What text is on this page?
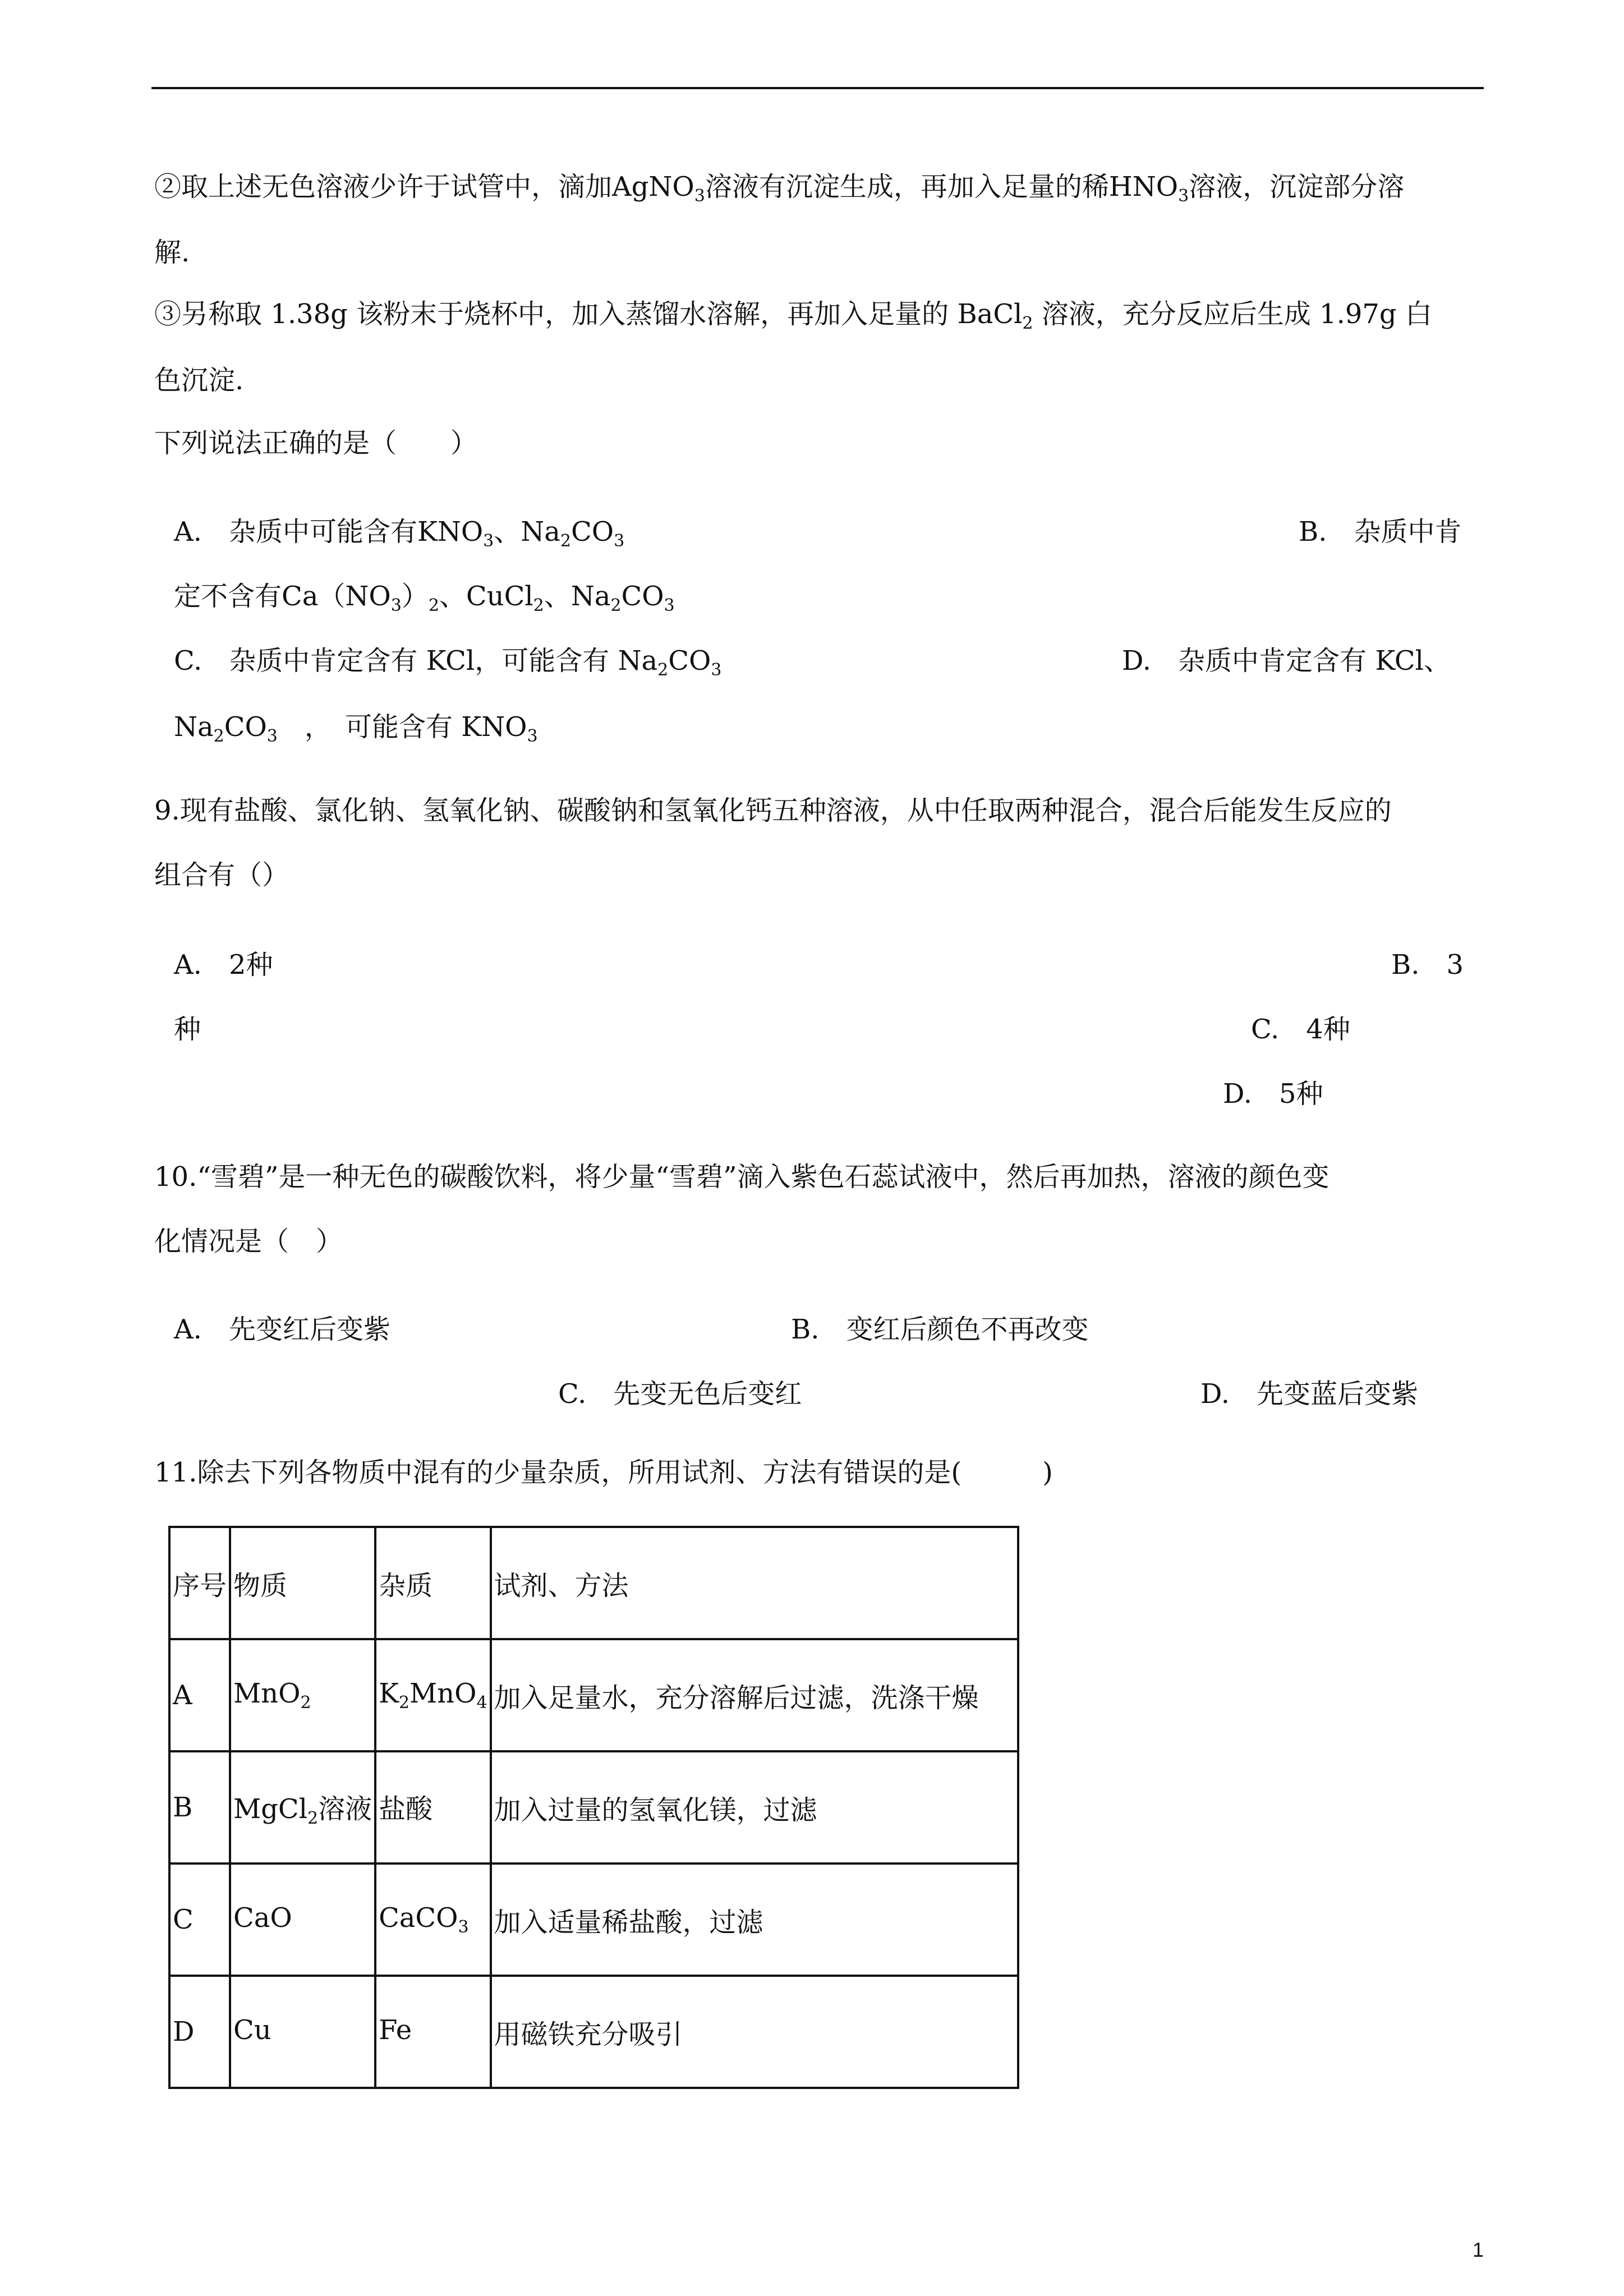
②取上述无色溶液少许于试管中，滴加AgNO$_3$溶液有沉淀生成，再加入足量的稀$HNO_3$溶液，沉淀部分溶
解.
③另称取 1.38g 该粉末于烧杯中，加入蒸馏水溶解，再加入足量的 BaCl$_2$ 溶液，充分反应后生成 1.97g 白
色沉淀.
下列说法正确的是（　　）
A.　 杂质中可能含有$KNO_3$、$Na_2CO_3$	B.　 杂质中肯
定不含有$Ca(NO_3)_2$、CuCl$_2$、$Na_2CO_3$
C.　 杂质中肯定含有 KCl，可能含有 $Na_2CO_3$	D.　 杂质中肯定含有 KCl、
$Na_2CO_3$　 ，　 可能含有 $KNO_3$
9.现有盐酸、氯化钠、氢氧化钠、碳酸钠和氢氧化钙五种溶液，从中任取两种混合，混合后能发生反应的
组合有（）
A.　 2种	B.　 3
种	C.　 4种
D.　 5种
10.“雪碧”是一种无色的碳酸饮料，将少量“雪碧”滴入紫色石蕊试液中，然后再加热，溶液的颜色变
化情况是（　）
A.　 先变红后变紫	B.　 变红后颜色不再改变
C.　 先变无色后变红	D.　 先变蓝后变紫
11.除去下列各物质中混有的少量杂质，所用试剂、方法有错误的是(　　　)
序号	物质	杂质	试剂、方法
A	MnO$_2$	$K_2MnO_4$	加入足量水，充分溶解后过滤，洗涤干燥
B	MgCl$_2$溶液	盐酸	加入过量的氢氧化镁，过滤
C	CaO	CaCO$_3$	加入适量稀盐酸，过滤
D	Cu	Fe	用磁铁充分吸引
1
